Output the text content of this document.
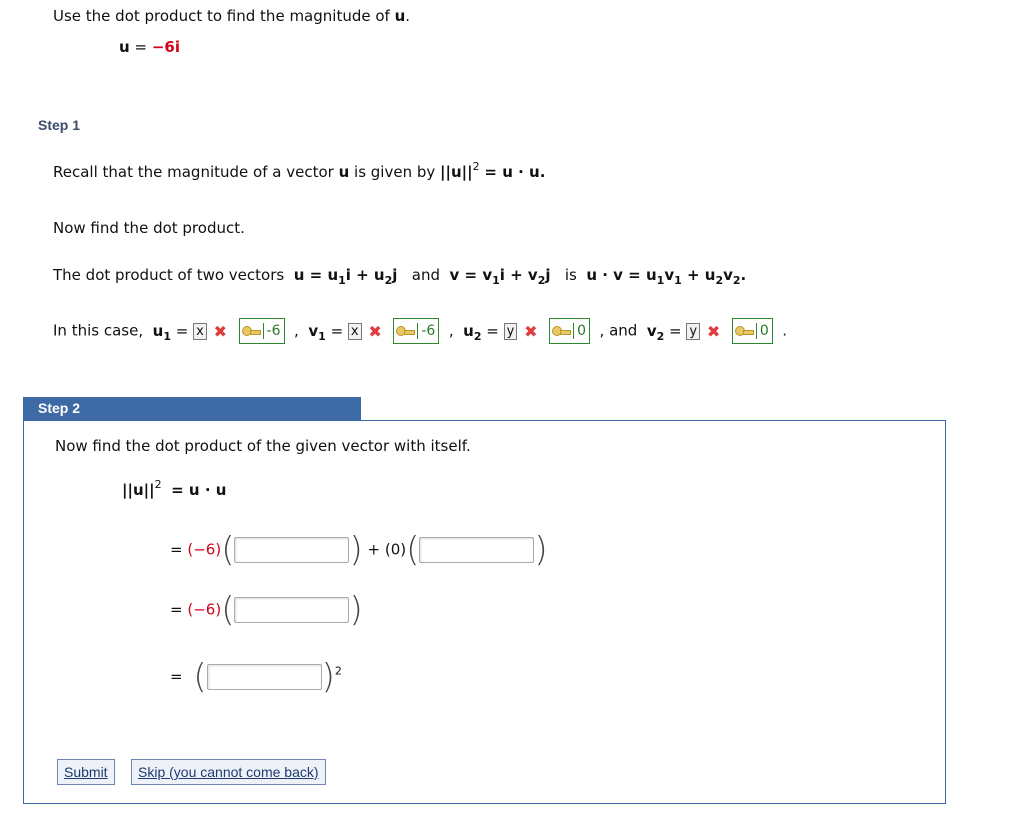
Use the dot product to find the magnitude of u.
u = −6i
Step 1
Recall that the magnitude of a vector u is given by $||u||^2 = u \cdot u$.
Now find the dot product.
The dot product of two vectors $u = u_1i + u_2j$ and $v = v_1i + v_2j$ is $u \cdot v = u_1v_1 + u_2v_2$.
In this case, $u_1 = x$ ✖	-6 ,  $v_1 = x$ ✖	-6 ,  $u_2 = y$ ✖	0 , and  $v_2 = y$ ✖	0 .
Step 2
Now find the dot product of the given vector with itself.
$||u||^2 = u \cdot u$
= (−6)(	) + (0)(	)
= (−6)(	)
= (	)$^2$
Submit	Skip (you cannot come back)
